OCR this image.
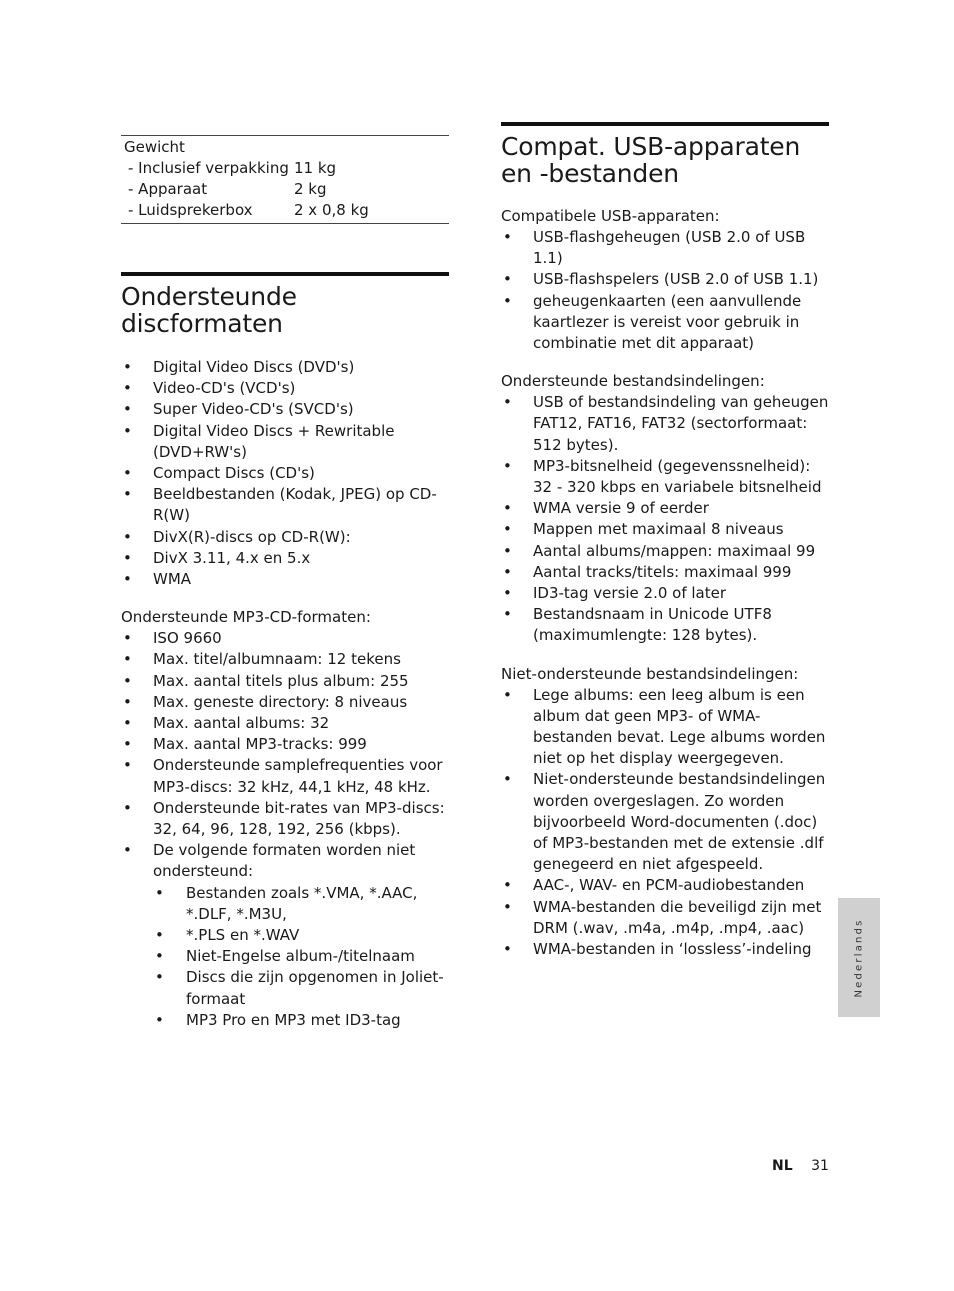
Gewicht
- Inclusief verpakking 11 kg
- Apparaat	2 kg
- Luidsprekerbox	2 x 0,8 kg
Ondersteunde discformaten
• Digital Video Discs (DVD's)
• Video-CD's (VCD's)
• Super Video-CD's (SVCD's)
• Digital Video Discs + Rewritable (DVD+RW's)
• Compact Discs (CD's)
• Beeldbestanden (Kodak, JPEG) op CD-R(W)
• DivX(R)-discs op CD-R(W):
• DivX 3.11, 4.x en 5.x
• WMA

Ondersteunde MP3-CD-formaten:

• ISO 9660
• Max. titel/albumnaam: 12 tekens
• Max. aantal titels plus album: 255
• Max. geneste directory: 8 niveaus
• Max. aantal albums: 32
• Max. aantal MP3-tracks: 999
• Ondersteunde samplefrequenties voor MP3-discs: 32 kHz, 44,1 kHz, 48 kHz.
• Ondersteunde bit-rates van MP3-discs: 32, 64, 96, 128, 192, 256 (kbps).
• De volgende formaten worden niet ondersteund:
• Bestanden zoals *.VMA, *.AAC, *.DLF, *.M3U,
• *.PLS en *.WAV
• Niet-Engelse album-/titelnaam
• Discs die zijn opgenomen in Joliet-formaat
• MP3 Pro en MP3 met ID3-tag
Compat. USB-apparaten en -bestanden

Compatibele USB-apparaten:

• USB-flashgeheugen (USB 2.0 of USB 1.1)
• USB-flashspelers (USB 2.0 of USB 1.1)
• geheugenkaarten (een aanvullende kaartlezer is vereist voor gebruik in combinatie met dit apparaat)

Ondersteunde bestandsindelingen:

• USB of bestandsindeling van geheugen FAT12, FAT16, FAT32 (sectorformaat: 512 bytes).
• MP3-bitsnelheid (gegevenssnelheid): 32 - 320 kbps en variabele bitsnelheid
• WMA versie 9 of eerder
• Mappen met maximaal 8 niveaus
• Aantal albums/mappen: maximaal 99
• Aantal tracks/titels: maximaal 999
• ID3-tag versie 2.0 of later
• Bestandsnaam in Unicode UTF8 (maximumlengte: 128 bytes).

Niet-ondersteunde bestandsindelingen:

• Lege albums: een leeg album is een album dat geen MP3- of WMA-bestanden bevat. Lege albums worden niet op het display weergegeven.
• Niet-ondersteunde bestandsindelingen worden overgeslagen. Zo worden bijvoorbeeld Word-documenten (.doc) of MP3-bestanden met de extensie .dlf genegeerd en niet afgespeeld.
• AAC-, WAV- en PCM-audiobestanden
• WMA-bestanden die beveiligd zijn met DRM (.wav, .m4a, .m4p, .mp4, .aac)
• WMA-bestanden in ‘lossless’-indeling	Nederlands
NL 31
